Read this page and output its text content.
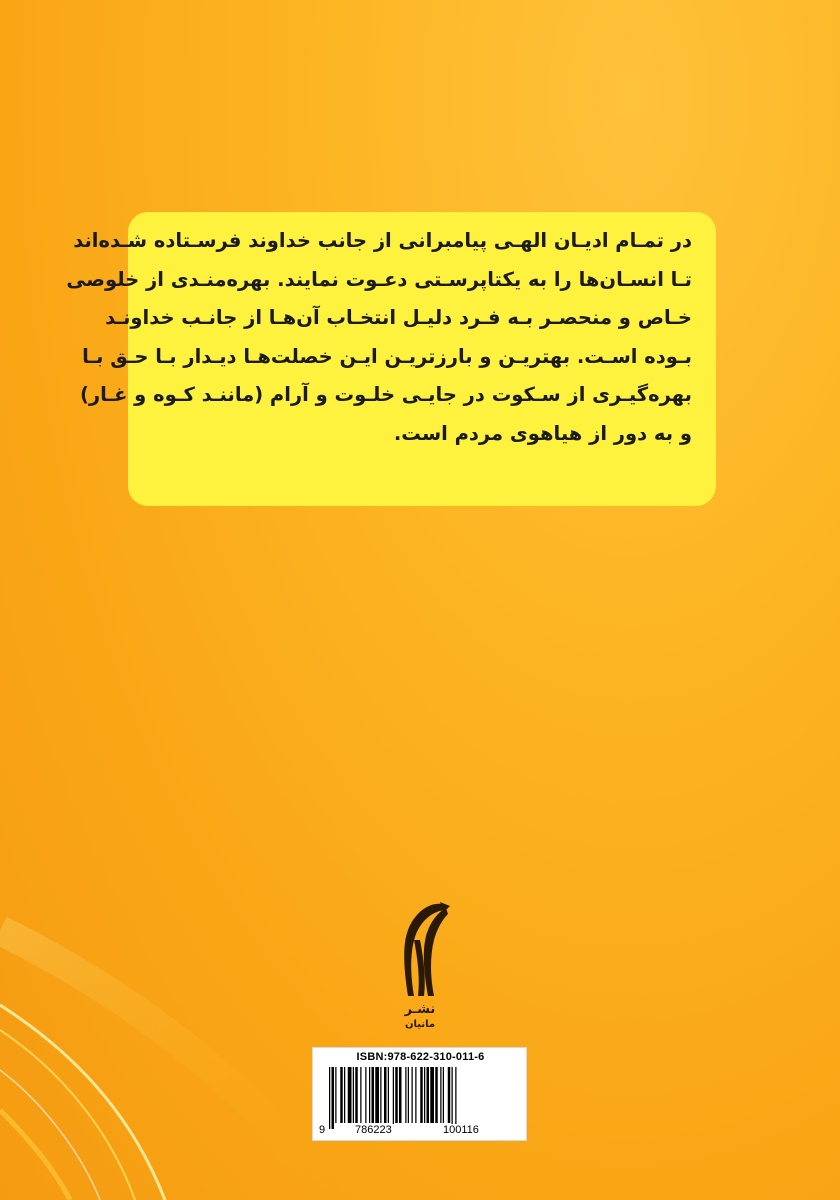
در تمـام ادیـان الهـی پیامبرانی از جانب خداوند فرسـتاده شـده‌اند
تـا انسـان‌ها را به یکتاپرسـتی دعـوت نمایند. بهره‌منـدی از خلوصی
خـاص و منحصـر بـه فـرد دلیـل انتخـاب آن‌هـا از جانـب خداونـد
بـوده اسـت. بهتریـن و بارزتریـن ایـن خصلت‌هـا دیـدار بـا حـق بـا
بهره‌گیـری از سـکوت در جایـی خلـوت و آرام (ماننـد کـوه و غـار)
و به دور از هیاهوی مردم است.
نشـر
مانیان
ISBN:978-622-310-011-6
9	786223	100116
